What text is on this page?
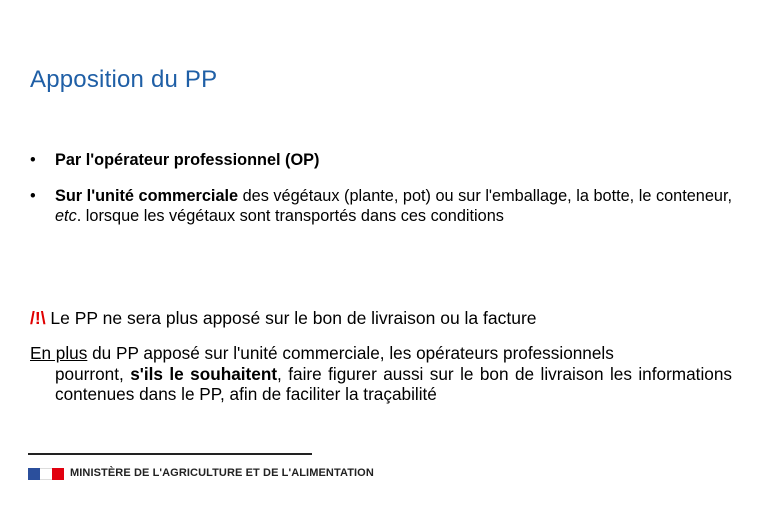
Apposition du PP
• Par l'opérateur professionnel (OP)
• Sur l'unité commerciale des végétaux (plante, pot) ou sur l'emballage, la botte, le conteneur, etc. lorsque les végétaux sont transportés dans ces conditions
/!\ Le PP ne sera plus apposé sur le bon de livraison ou la facture
En plus du PP apposé sur l'unité commerciale, les opérateurs professionnels
pourront, s'ils le souhaitent, faire figurer aussi sur le bon de livraison les informations contenues dans le PP, afin de faciliter la traçabilité
MINISTÈRE DE L'AGRICULTURE ET DE L'ALIMENTATION
